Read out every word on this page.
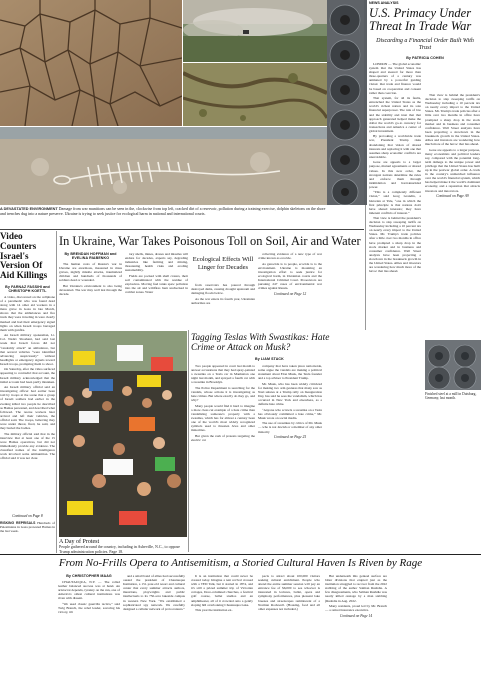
A DEVASTATED ENVIRONMENT Damage from war munitions can be seen in the, clockwise from top left, cracked dirt of a reservoir, pollution during a training exercise, dolphin skeletons on the shore and trenches dug into a nature preserve. Ukraine is trying to seek justice for ecological harm in national and international courts.
NEWS ANALYSIS
U.S. Primacy Under Threat In Trade War
Discarding a Financial Order Built With Trust
By PATRICIA COHEN

LONDON — The global economic system that the United States has shaped and steered for more than three-quarters of a century was animated by a powerful guiding vision: that trade and finance would be based on cooperation and consent rather than coercion.

That system, for all its faults, entrenched the United States as the world's richest nation and its sole financial superpower. The rule of law and the stability and trust that that approach generated helped make the dollar the world's go-to currency for transactions and America a center of global investment.

By provoking a worldwide trade war, President Trump risks abandoning that vision of shared interests and replacing it with one that assumes sharp economic conflicts are unavoidable.

Gone are appeals to a larger purpose, mutual agreements or shared values. In this new order, the strongest nations determine the rules and enforce them through intimidation and hard-knuckled power.

“This is a completely different vision,” said Greg Grandin, a historian at Yale, “one in which the first principle is that nations don't have shared interests; they have inherent conflicts of interest.”

That view is behind the president's decision to slap sweeping tariffs on Wednesday including a 10 percent tax on nearly every import to the United States. Mr. Trump's trade policies after a little over two months in office have prompted a sharp drop in the stock market and in business and consumer confidence. Wall Street analysts have been projecting a slowdown in the breakneck growth in the United States. Allies and investors are wondering how much more of the havoc that lies ahead.

Gone are appeals to a larger purpose, many economists and political leaders say, compared with the potential long-term damage to the unique power and privilege that the United States has built up in the postwar global order. A crack in the country's unmatched influence over the world's financial system, which has helped make it the world's dominant economy, and a reputation that attracts investors and innovators.

Continued on Page A9
Finished steel at a mill in Duisburg, Germany, last month.
Video Counters Israel's Version Of Aid Killings
By FARNAZ FASSIHI and CHRISTOPH KOETTL

A video, discovered on the cellphone of a paramedic who was found dead along with 14 other aid workers in a mass grave in Gaza in late March, shows that the ambulances and fire truck they were traveling in were clearly marked and had their emergency signal lights on when Israeli troops barraged them with gunfire.

An Israeli military spokesman, Lt. Col. Nadav Shoshani, had said last week that Israeli forces did not “randomly attack” an ambulance, but that several vehicles “were identified advancing suspiciously” without headlights or emergency signals toward Israeli troops, prompting them to shoot.

On Saturday, after the video surfaced appearing to contradict that account, the Israeli military acknowledged that the initial account had been partly mistaken.

An Israeli military official said an investigating officer had earlier been told by troops at the scene that a group of Israeli soldiers had earlier in the evening killed two people he described as Hamas personnel, and described what followed. The rescue workers later arrived and left their vehicles, the official said. The troops, believing they were under threat, fired, he said, and they buried the bodies.

The military official said that in the interview that at least one of the 15 were Hamas operatives, but did not immediately provide any evidence. The classified names of the intelligence work involved some ammunition. The official said it was not clear.

Continued on Page 8
RISKING REPRISALS Hundreds of Palestinians in Gaza protested Hamas in the last week.
In Ukraine, War Takes Poisonous Toll on Soil, Air and Water
By BRENDAN HOFFMAN and EVELINA RIABENKO

The human costs of Russia's war in Ukraine are enormous, measured in mass graves, nightly missile attacks, traumatized children and hundreds of thousands of soldiers dead or wounded.

But Ukraine's environment is also being devastated. The war may well last through the decade.

tary shells, mines, drones and missiles will endure for decades, experts say, degrading industries like farming and mining, threatening health risks and eroding sustainability.

Fields are pocked with shell craters, their soil contaminated with the residue of explosives. Moving fuel tanks spew pollution into the air and wildfires burn unchecked in combat zones. Water

Ecological Effects Will Linger for Decades

from reservoirs has poured through destroyed dams, causing drought upstream and damaging floods below.

As the war enters its fourth year, Ukrainian authorities are

collecting evidence of a new type of war crime known as ecocide.

As genocide is to people, ecocide is to the environment. Ukraine is mounting an investigation effort to seek justice for ecological harm, in Ukrainian courts and the International Criminal Court. Prosecutors are pursuing 247 cases of environmental war crimes against Russia.

Continued on Page 12
A Day of Protest
People gathered around the country, including in Asheville, N.C., to oppose Trump administration policies. Page 18.
Tagging Teslas With Swastikas: Hate Crime or Attack on Musk?
By LIAM STACK

Two people appeared in court last month to answer accusations that they had spray-painted a swastika on a Tesla car in Manhattan one night last month, and sprayed a fourth car with a swastika in Brooklyn.

The Police Department is searching for the vandals, whose actions it is investigating as hate crimes. But where exactly do they go, and why?

Many people would find it hard to imagine a more clear-cut example of a hate crime than vandalizing someone's property with a swastika, which has for almost a century been one of the world's most widely recognized symbols used to threaten Jews and other minorities.

But given the rash of protests targeting the electric car

company that have taken place nationwide, some argue the vandals are making a political statement about Elon Musk, the Tesla founder and a top adviser to President Trump.

Mr. Musk, who has been widely criticized for making two arm gestures that many saw as Nazi salutes at a Trump rally on Inauguration Day, has said he sees the vandalism, which has occurred in New York and elsewhere, as a definite hate crime.

“Anyone who scrawls a swastika on a Tesla has obviously committed a hate crime,” Mr. Musk wrote on social media.

The use of swastikas by critics of Mr. Musk — who is not Jewish or a member of any other minority

Continued on Page 25

That view is behind the president's decision to slap sweeping tariffs on Wednesday including a 10 percent tax on nearly every import to the United States. Mr. Trump's trade policies after a little over two months in office have prompted a sharp drop in the stock market and in business and consumer confidence. Wall Street analysts have been projecting a slowdown in the breakneck growth in the United States. Allies and investors are wondering how much more of the havoc that lies ahead.

From No-Frills Opera to Antisemitism, a Storied Cultural Haven Is Riven by Rage
By CHRISTOPHER MAAG

CHAUTAUQUA, N.Y. — The rolled leather balanced success was at hand. An aristocrat depends, tyranny on the run, one of America's oldest cultural institutions was riven with dissent.

“We used classic guerrilla tactics,” said Twig Branch, the rebel leader, savoring his victory, tilt

and a small band of allies had successfully ousted the president of Chautauqua Institution, a 151-year-old resort and cultural center that every summer attracts authors, musicians, playwrights and public intellectuals to its 750-acre lakeside campus in western New York. “We established a sophisticated spy network. We carefully designed a cellular network of provocateurs.”

It is an institution that could never be created today. Imagine a tent revival crossed with a TED Talk, but it started in 1874, and it's still a prized summer trip of Victorian cottages, Dore-columned churches, a festival golf course, ballet studios and an amphitheater, all of it crowded onto a gently sloping hill overlooking Chautauqua Lake.

This year the institution ex-

pects to attract about 100,000 visitors seeking cultural enrichment. People who attend the entire summer session will pay an entrance fee of $6,000 to see whoever is interested in lectures, ballet, opera and symphony performances, plus pleasant lake breezes and streetscapes reminiscent of a Norman Rockwell. (Housing, food and all other expenses not included.)

But underneath this genteel surface are bitter divisions that erupted just as the institution struggled to recover from the 2022 stabbing of the author Salman Rushdie. A few disagreements, who Salman Rushdie was nearly killed onstage by a man stabbing (Rushdie in Aug. 2022.

Many residents, proud led by Mr. Branch — a retired insurance executive.

Continued on Page 14
